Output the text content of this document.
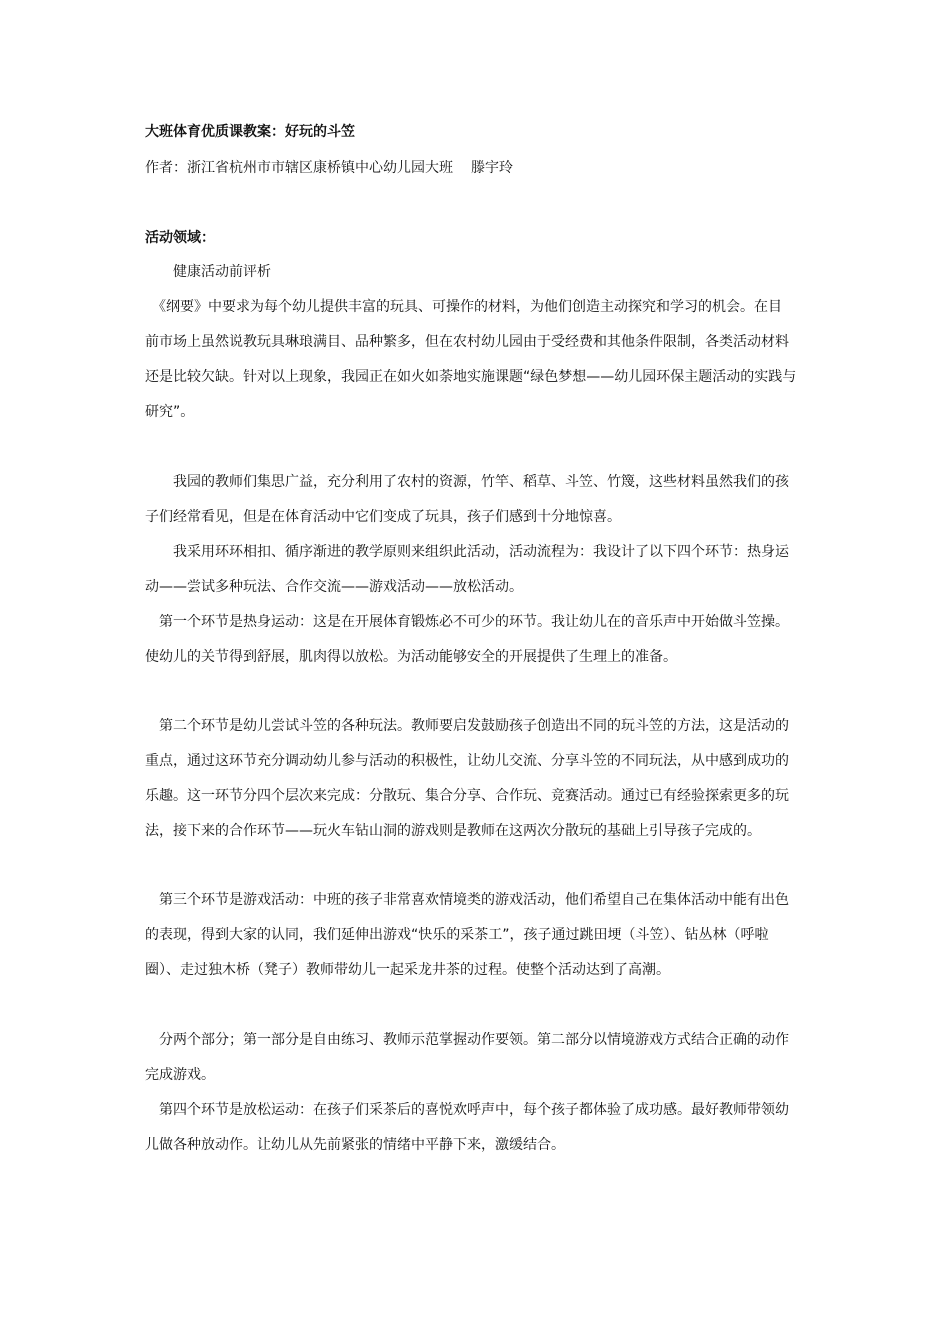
大班体育优质课教案：好玩的斗笠
作者：浙江省杭州市市辖区康桥镇中心幼儿园大班 滕宇玲
活动领域：
　　健康活动前评析
　《纲要》中要求为每个幼儿提供丰富的玩具、可操作的材料，为他们创造主动探究和学习的机会。在目
前市场上虽然说教玩具琳琅满目、品种繁多，但在农村幼儿园由于受经费和其他条件限制，各类活动材料
还是比较欠缺。针对以上现象，我园正在如火如荼地实施课题“绿色梦想——幼儿园环保主题活动的实践与
研究”。
　　我园的教师们集思广益，充分利用了农村的资源，竹竿、稻草、斗笠、竹篾，这些材料虽然我们的孩
子们经常看见，但是在体育活动中它们变成了玩具，孩子们感到十分地惊喜。
　　我采用环环相扣、循序渐进的教学原则来组织此活动，活动流程为：我设计了以下四个环节：热身运
动——尝试多种玩法、合作交流——游戏活动——放松活动。
　第一个环节是热身运动：这是在开展体育锻炼必不可少的环节。我让幼儿在的音乐声中开始做斗笠操。
使幼儿的关节得到舒展，肌肉得以放松。为活动能够安全的开展提供了生理上的准备。
　第二个环节是幼儿尝试斗笠的各种玩法。教师要启发鼓励孩子创造出不同的玩斗笠的方法，这是活动的
重点，通过这环节充分调动幼儿参与活动的积极性，让幼儿交流、分享斗笠的不同玩法，从中感到成功的
乐趣。这一环节分四个层次来完成：分散玩、集合分享、合作玩、竞赛活动。通过已有经验探索更多的玩
法，接下来的合作环节——玩火车钻山洞的游戏则是教师在这两次分散玩的基础上引导孩子完成的。
　第三个环节是游戏活动：中班的孩子非常喜欢情境类的游戏活动，他们希望自己在集体活动中能有出色
的表现，得到大家的认同，我们延伸出游戏“快乐的采茶工”，孩子通过跳田埂（斗笠）、钻丛林（呼啦
圈）、走过独木桥（凳子）教师带幼儿一起采龙井茶的过程。使整个活动达到了高潮。
　分两个部分；第一部分是自由练习、教师示范掌握动作要领。第二部分以情境游戏方式结合正确的动作
完成游戏。
　第四个环节是放松运动：在孩子们采茶后的喜悦欢呼声中，每个孩子都体验了成功感。最好教师带领幼
儿做各种放动作。让幼儿从先前紧张的情绪中平静下来，激缓结合。
